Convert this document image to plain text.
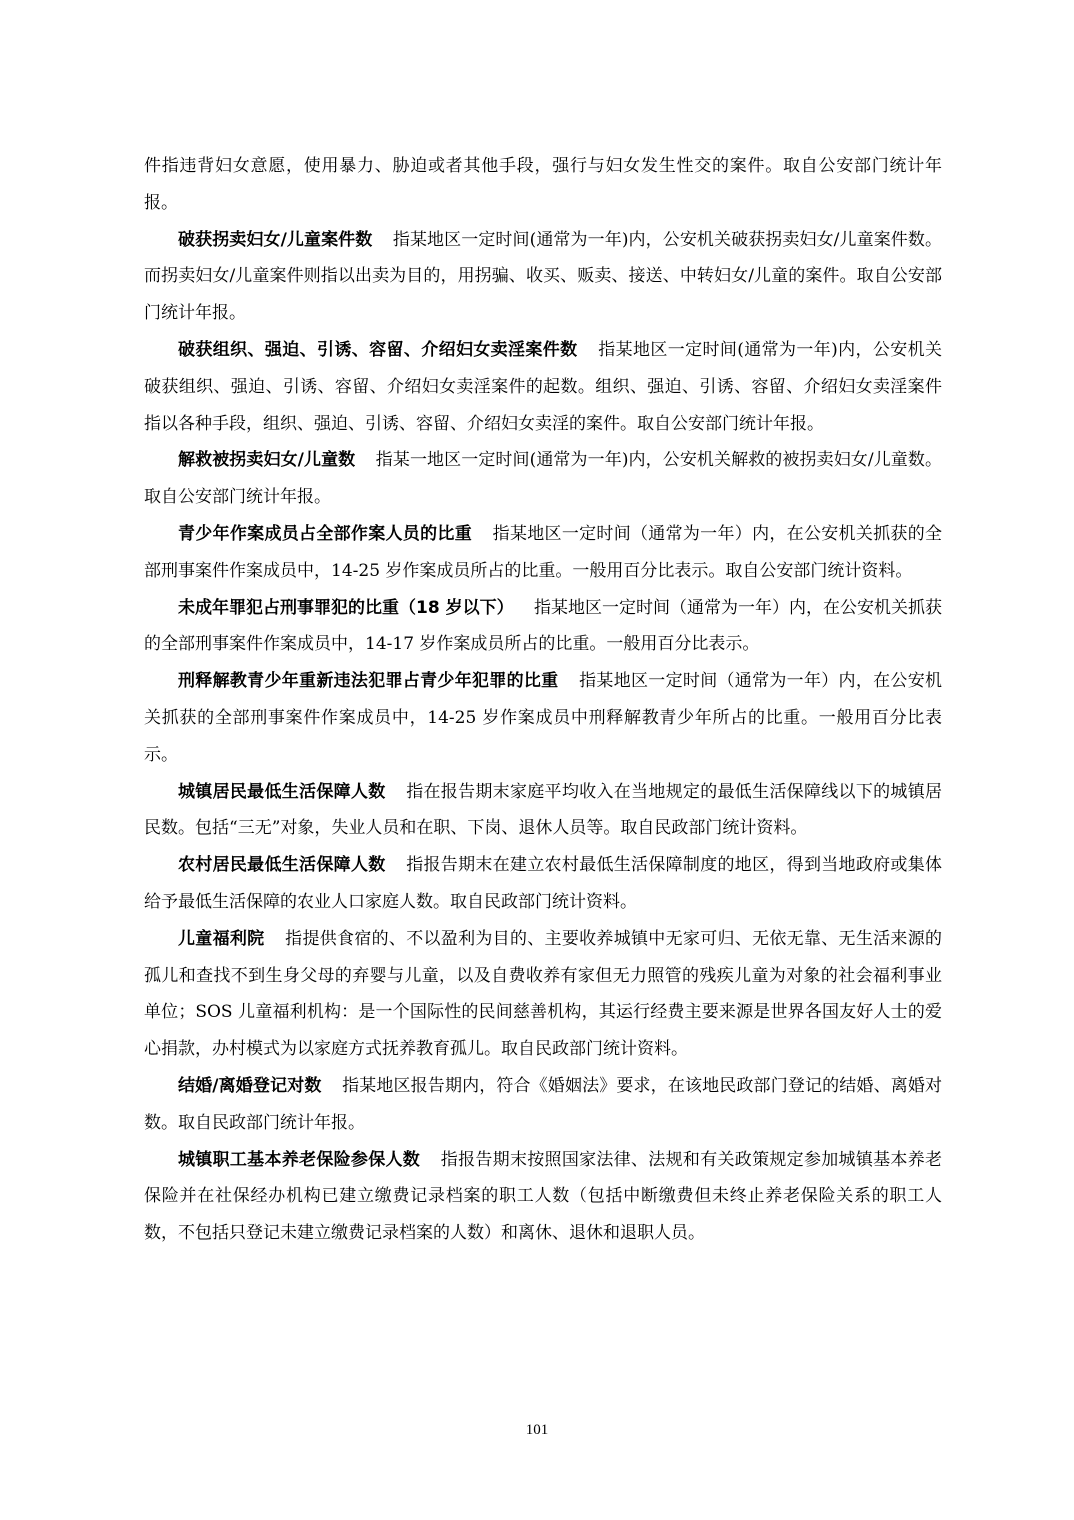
件指违背妇女意愿，使用暴力、胁迫或者其他手段，强行与妇女发生性交的案件。取自公安部门统计年报。

破获拐卖妇女/儿童案件数 指某地区一定时间(通常为一年)内，公安机关破获拐卖妇女/儿童案件数。而拐卖妇女/儿童案件则指以出卖为目的，用拐骗、收买、贩卖、接送、中转妇女/儿童的案件。取自公安部门统计年报。

破获组织、强迫、引诱、容留、介绍妇女卖淫案件数 指某地区一定时间(通常为一年)内，公安机关破获组织、强迫、引诱、容留、介绍妇女卖淫案件的起数。组织、强迫、引诱、容留、介绍妇女卖淫案件指以各种手段，组织、强迫、引诱、容留、介绍妇女卖淫的案件。取自公安部门统计年报。

解救被拐卖妇女/儿童数 指某一地区一定时间(通常为一年)内，公安机关解救的被拐卖妇女/儿童数。取自公安部门统计年报。

青少年作案成员占全部作案人员的比重 指某地区一定时间（通常为一年）内，在公安机关抓获的全部刑事案件作案成员中，14-25 岁作案成员所占的比重。一般用百分比表示。取自公安部门统计资料。

未成年罪犯占刑事罪犯的比重（18 岁以下） 指某地区一定时间（通常为一年）内，在公安机关抓获的全部刑事案件作案成员中，14-17 岁作案成员所占的比重。一般用百分比表示。

刑释解教青少年重新违法犯罪占青少年犯罪的比重 指某地区一定时间（通常为一年）内，在公安机关抓获的全部刑事案件作案成员中，14-25 岁作案成员中刑释解教青少年所占的比重。一般用百分比表示。

城镇居民最低生活保障人数 指在报告期末家庭平均收入在当地规定的最低生活保障线以下的城镇居民数。包括“三无”对象，失业人员和在职、下岗、退休人员等。取自民政部门统计资料。

农村居民最低生活保障人数 指报告期末在建立农村最低生活保障制度的地区，得到当地政府或集体给予最低生活保障的农业人口家庭人数。取自民政部门统计资料。

儿童福利院 指提供食宿的、不以盈利为目的、主要收养城镇中无家可归、无依无靠、无生活来源的孤儿和查找不到生身父母的弃婴与儿童，以及自费收养有家但无力照管的残疾儿童为对象的社会福利事业单位；SOS 儿童福利机构：是一个国际性的民间慈善机构，其运行经费主要来源是世界各国友好人士的爱心捐款，办村模式为以家庭方式抚养教育孤儿。取自民政部门统计资料。

结婚/离婚登记对数 指某地区报告期内，符合《婚姻法》要求，在该地民政部门登记的结婚、离婚对数。取自民政部门统计年报。

城镇职工基本养老保险参保人数 指报告期末按照国家法律、法规和有关政策规定参加城镇基本养老保险并在社保经办机构已建立缴费记录档案的职工人数（包括中断缴费但未终止养老保险关系的职工人数，不包括只登记未建立缴费记录档案的人数）和离休、退休和退职人员。

101
